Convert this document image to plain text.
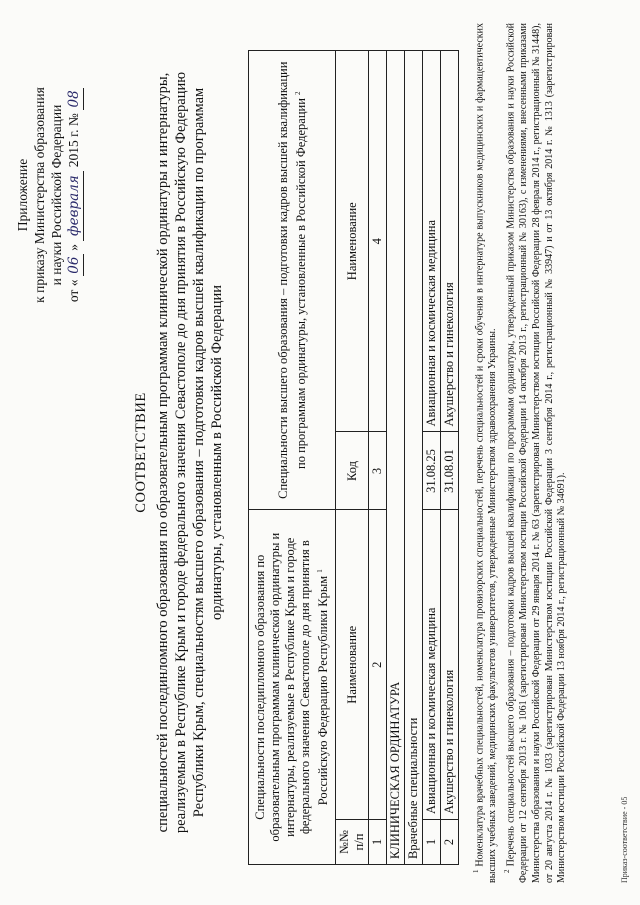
Приложение к приказу Министерства образования и науки Российской Федерации
от « 06 » февраля 2015 г. № 08
СООТВЕТСТВИЕ специальностей послединломного образования по образовательным программам клинической ординатуры и интернатуры, реализуемым в Республике Крым и городе федерального значения Севастополе до дня принятия в Российскую Федерацию Республики Крым, специальностям высшего образования – подготовки кадров высшей квалификации по программам ординатуры, установленным в Российской Федерации
Специальности последипломного образования по образовательным программам клинической ординатуры и интернатуры, реализуемые в Республике Крым и городе федерального значения Севастополе до дня принятия в Российскую Федерацию Республики Крым $^1$		Специальности высшего образования – подготовки кадров высшей квалификации по программам ординатуры, установленные в Российской Федерации $^2$
№№ п/п	Наименование	Код	Наименование
1	2	3	4
КЛИНИЧЕСКАЯ ОРДИНАТУРА			
Врачебные специальности			
1	Авиационная и космическая медицина	31.08.25	Авиационная и космическая медицина
2	Акушерство и гинекология	31.08.01	Акушерство и гинекология

$^1$ Номенклатура врачебных специальностей, номенклатура провизорских специальностей, перечень специальностей и сроки обучения в интернатуре выпускников медицинских и фармацевтических высших учебных заведений, медицинских факультетов университетов, утвержденные Министерством здравоохранения Украины. $^2$ Перечень специальностей высшего образования – подготовки кадров высшей квалификации по программам ординатуры, утвержденный приказом Министерства образования и науки Российской Федерации от 12 сентября 2013 г. № 1061 (зарегистрирован Министерством юстиции Российской Федерации 14 октября 2013 г., регистрационный № 30163), с изменениями, внесенными приказами Министерства образования и науки Российской Федерации от 29 января 2014 г. № 63 (зарегистрирован Министерством юстиции Российской Федерации 28 февраля 2014 г., регистрационный № 31448), от 20 августа 2014 г. № 1033 (зарегистрирован Министерством юстиции Российской Федерации 3 сентября 2014 г., регистрационный № 33947) и от 13 октября 2014 г. № 1313 (зарегистрирован Министерством юстиции Российской Федерации 13 ноября 2014 г., регистрационный № 34691).	Приказ-соответствие - 05
